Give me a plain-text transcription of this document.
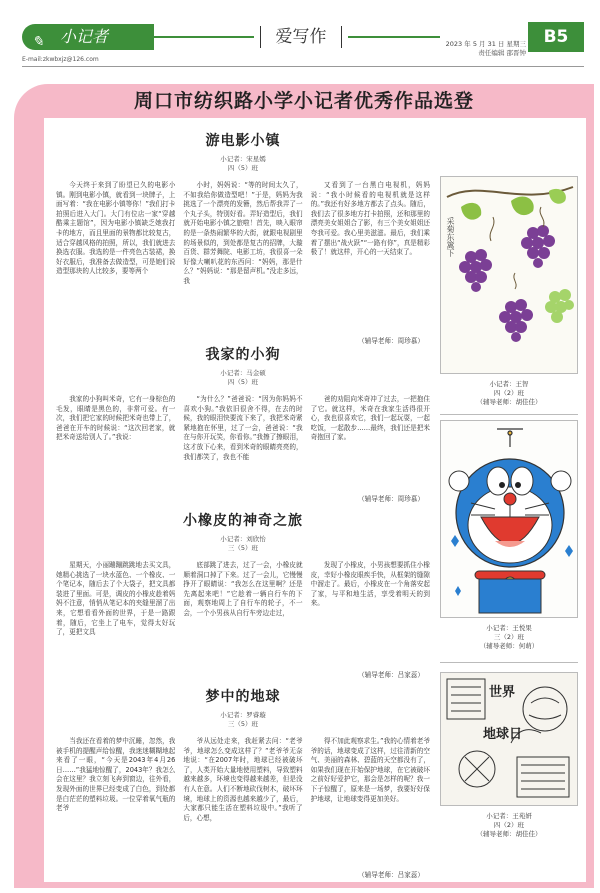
✎ 小记者	爱写作	2023 年 5 月 31 日 星期三
责任编辑 邵晋钟
B5
E-mail:zkwbxjz@126.com
周口市纺织路小学小记者优秀作品选登
游电影小镇
小记者：宋星嫣
四（5）班

今天终于来到了盼望已久的电影小镇。刚到电影小镇，就看到一块牌子，上面写着：“我在电影小镇等你！”我们打卡拍照后进入大门。大门有位店一家“穿越酷乘主题馆”，因为电影小镇缺乏她我打卡的地方，而且里面的景物都比较复古，适合穿越风格的拍照，所以，我们就进去换选衣服。我选的是一件亮色古装裙，换好衣服后，我准备去做造型，可是她们说造型那块的人比较多，要等两个

小时，妈妈说：“等的时间太久了，不如我给你做造型吧！”于是，妈妈为我挑选了一个漂亮的发簪，然后帮我弄了一个丸子头，特别好看。弄好造型后，我们就开始电影小镇之旅啦！首先，映入眼帘的是一条热闹繁华的大街，就跟电视剧里的场景似的，到处都是复古的招牌，大璇百货、群芳舞院、电影工坊，我很喜一朵好像大喇叭花的东西问：“妈妈，那是什么？”妈妈说：“那是留声机。”没走多远，我

又看到了一台黑白电视机，妈妈说：“我小时候看的电视机就是这样的。”我还有好多地方都去了点头。随后，我们去了很多地方打卡拍照，还和那里的漂亮美女姐姐合了影，有三个美女姐姐还夸我可爱。我心里美滋滋。最后，我们乘着了摆出“战火跃”“一路有你”，真是精彩极了！就这样，开心的一天结束了。

（辅导老师：周珍慕）
我家的小狗
小记者：马金硕
四（5）班

我家的小狗叫米奇，它有一身棕色的毛发，眼睛是黑色的，非常可爱。有一次，我们把它家的时候把米奇也带上了，爸爸在开车的时候说：“这次回老家，就把米奇送给别人了。”我说：

“为什么？”爸爸说：“因为你妈妈不喜欢小狗。”我依旧很舍不得，在去的时候，我的眼泪快要流下来了，我把米奇紧紧地抱在怀里，过了一会，爸爸说：“我在与你开玩笑，你看你。”我擦了擦眼泪，这才放下心来，看到米奇的眼睛亮亮的，我们都笑了，我也不能

爸的劝阻向米奇冲了过去，一把抱住了它。就这样，米奇在我家生活得很开心，我也很喜欢它，我们一起玩耍，一起吃饭，一起散步……最终，我们还是把米奇抱回了家。

（辅导老师：周珍慕）
小橡皮的神奇之旅
小记者：刘欣怡
三（5）班

星期天，小丽蹦蹦跳跳地去买文具，她精心挑选了一块水蓝色、一个橡皮、一个笔记本，随后去了个大袋子，把文具都装进了里面。可是，调皮的小橡皮趁着妈妈不注意，悄悄从笔记本的夹缝里溜了出来，它想看看外面的世界，于是一路跟着，随后，它坐上了电车，觉得太好玩了，更把文具

底部跳了进去，过了一会，小橡皮就顺着洞口掉了下来。过了一会儿，它慢慢挣开了眼睛说：“我怎么在这里啊？还是先离起来吧！”它趁着一辆自行车的下面，观察地周上了自行车的轮子，不一会，一个小男孩从自行车旁边走过，

发现了小橡皮，小男孩想要抓住小橡皮，幸好小橡皮眼疾手快，从框架的缝隙中溜走了。最后，小橡皮在一个角落安起了家，与平和地生活，享受着明天的到来。

（辅导老师：吕家蕊）
梦中的地球
小记者：罗睿璇
三（5）班

当我还在看着的梦中沉睡，忽然，我被手机的提醒声给惊醒，我迷迷糊糊地起来看了一眼，“今天是2043年4月26日……”我猛地惊醒了，2043年？我怎么会在这里？我立刻飞奔到窗边，往外看，发现外面的世界已经变成了白色，到处都是白茫茫的塑料垃圾。一位穿着氧气瓶的老爷

爷从远处走来，我赶紧去问：“老爷爷，地球怎么变成这样了？”老爷爷无奈地说：“在2007年时，地球已经被破坏了，人类开始大量地使用塑料，导致塑料越来越多，环境也变得越来越差，但是没有人在意。人们不断地砍伐树木，破坏环境，地球上的资源也越来越少了，最后，大家都只能生活在塑料垃圾中。”我听了后，心想，

得不加此观察求生。”我的心情着老爷爷的话，地球变成了这样，过往清新的空气、美丽的森林、碧蓝的天空都没有了，如果我们现在开始保护地球，在它被破坏之前好好爱护它，那会是怎样的呢？我一下子惊醒了，原来是一场梦，我要好好保护地球，让地球变得更加美好。

（辅导老师：吕家蕊）
采菊东篱下
小记者：王智
四（2）班
（辅导老师：胡佳佳）
小记者：王悦果
三（2）班
（辅导老师：何萌）
世界
地球日
小记者：王苑妍
四（2）班
（辅导老师：胡佳佳）
